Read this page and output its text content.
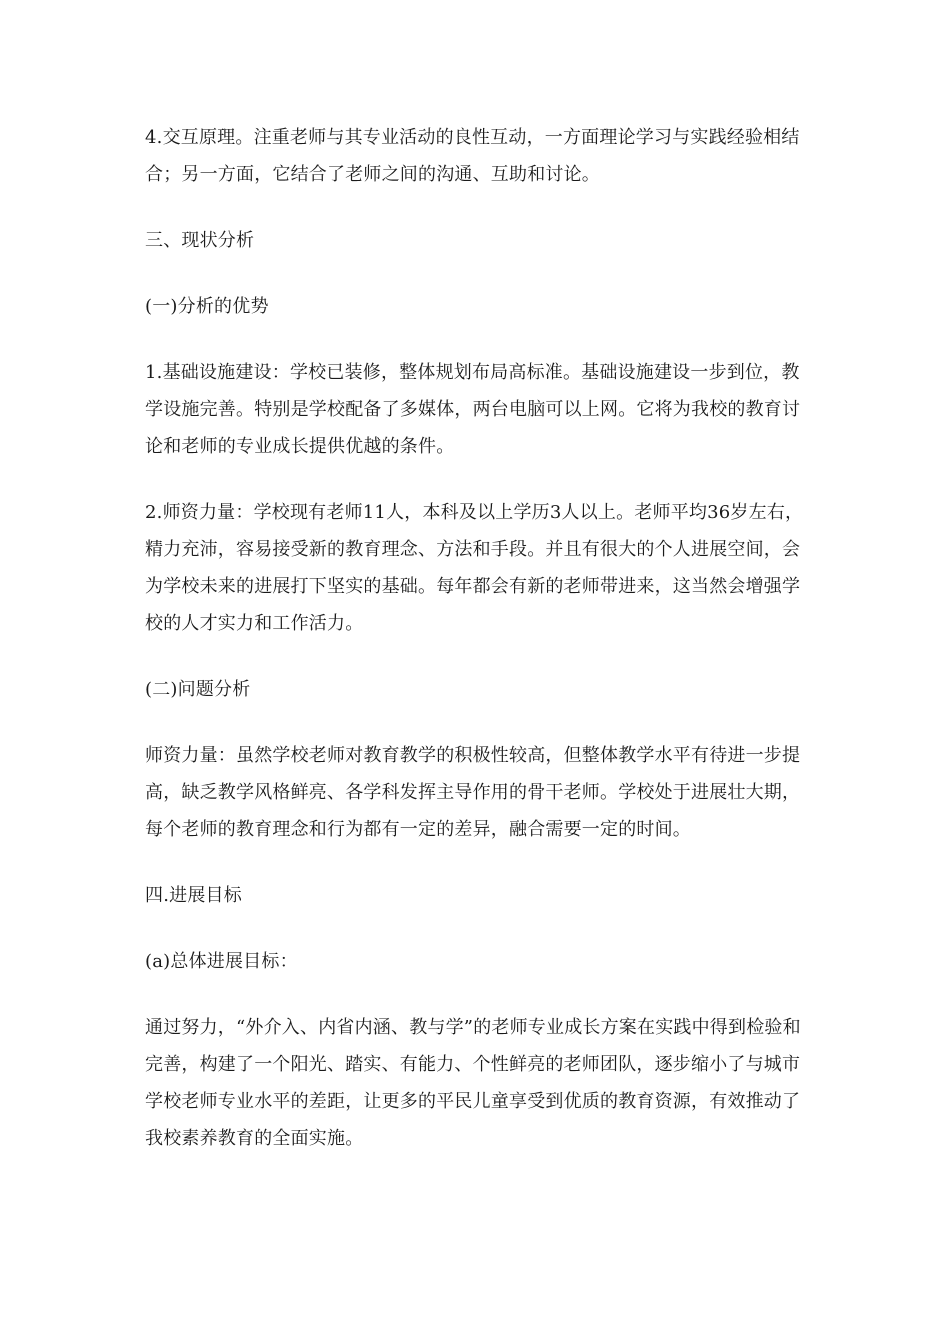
4.交互原理。注重老师与其专业活动的良性互动，一方面理论学习与实践经验相结合；另一方面，它结合了老师之间的沟通、互助和讨论。

三、现状分析

(一)分析的优势

1.基础设施建设：学校已装修，整体规划布局高标准。基础设施建设一步到位，教学设施完善。特别是学校配备了多媒体，两台电脑可以上网。它将为我校的教育讨论和老师的专业成长提供优越的条件。

2.师资力量：学校现有老师11人，本科及以上学历3人以上。老师平均36岁左右，精力充沛，容易接受新的教育理念、方法和手段。并且有很大的个人进展空间，会为学校未来的进展打下坚实的基础。每年都会有新的老师带进来，这当然会增强学校的人才实力和工作活力。

(二)问题分析

师资力量：虽然学校老师对教育教学的积极性较高，但整体教学水平有待进一步提高，缺乏教学风格鲜亮、各学科发挥主导作用的骨干老师。学校处于进展壮大期，每个老师的教育理念和行为都有一定的差异，融合需要一定的时间。

四.进展目标

(a)总体进展目标：

通过努力，“外介入、内省内涵、教与学”的老师专业成长方案在实践中得到检验和完善，构建了一个阳光、踏实、有能力、个性鲜亮的老师团队，逐步缩小了与城市学校老师专业水平的差距，让更多的平民儿童享受到优质的教育资源，有效推动了我校素养教育的全面实施。
